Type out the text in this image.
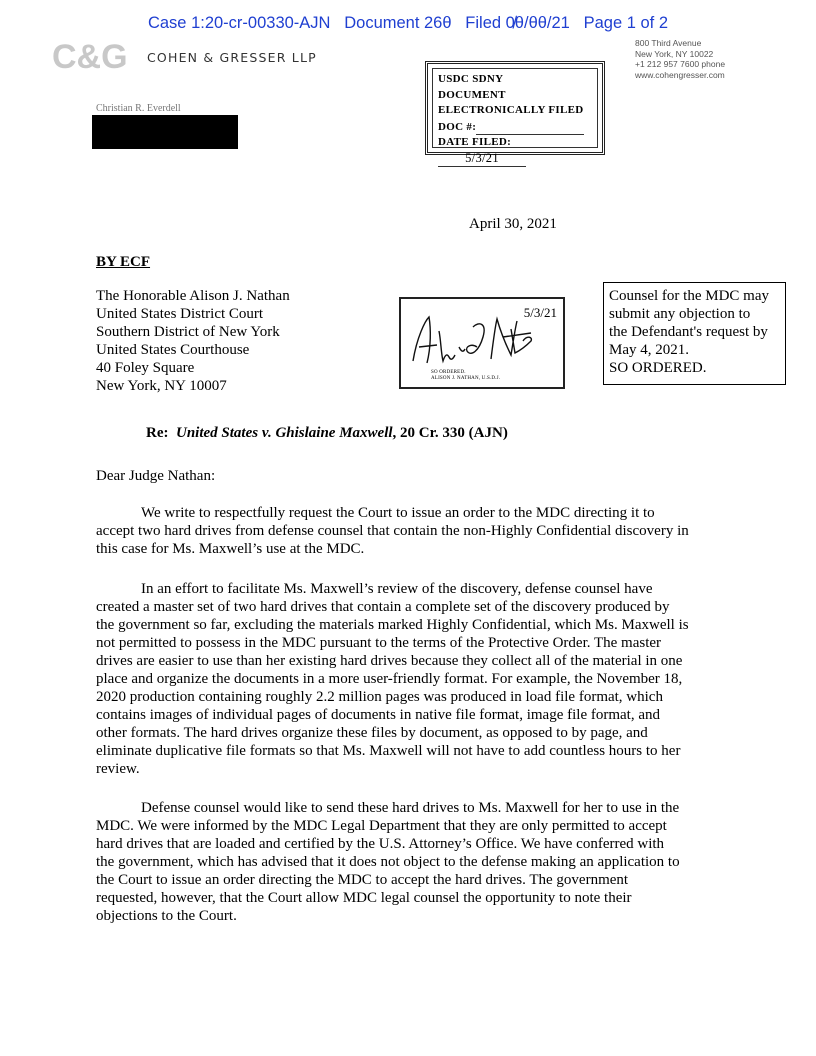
Case 1:20-cr-00330-AJN   Document 26θ   Filed 0̸θ/θθ/21   Page 1 of 2
C&G COHEN & GRESSER LLP
800 Third Avenue
New York, NY 10022
+1 212 957 7600 phone
www.cohengresser.com
USDC SDNY
DOCUMENT
ELECTRONICALLY FILED
DOC #:
DATE FILED: 5/3/21
Christian R. Everdell
April 30, 2021
BY ECF
The Honorable Alison J. Nathan
United States District Court
Southern District of New York
United States Courthouse
40 Foley Square
New York, NY 10007
5/3/21
SO ORDERED.
ALISON J. NATHAN, U.S.D.J.
Counsel for the MDC may
submit any objection to
the Defendant's request by
May 4, 2021.
SO ORDERED.
Re: United States v. Ghislaine Maxwell, 20 Cr. 330 (AJN)
Dear Judge Nathan:
We write to respectfully request the Court to issue an order to the MDC directing it to
accept two hard drives from defense counsel that contain the non-Highly Confidential discovery in
this case for Ms. Maxwell’s use at the MDC.
In an effort to facilitate Ms. Maxwell’s review of the discovery, defense counsel have
created a master set of two hard drives that contain a complete set of the discovery produced by
the government so far, excluding the materials marked Highly Confidential, which Ms. Maxwell is
not permitted to possess in the MDC pursuant to the terms of the Protective Order. The master
drives are easier to use than her existing hard drives because they collect all of the material in one
place and organize the documents in a more user-friendly format. For example, the November 18,
2020 production containing roughly 2.2 million pages was produced in load file format, which
contains images of individual pages of documents in native file format, image file format, and
other formats. The hard drives organize these files by document, as opposed to by page, and
eliminate duplicative file formats so that Ms. Maxwell will not have to add countless hours to her
review.
Defense counsel would like to send these hard drives to Ms. Maxwell for her to use in the
MDC. We were informed by the MDC Legal Department that they are only permitted to accept
hard drives that are loaded and certified by the U.S. Attorney’s Office. We have conferred with
the government, which has advised that it does not object to the defense making an application to
the Court to issue an order directing the MDC to accept the hard drives. The government
requested, however, that the Court allow MDC legal counsel the opportunity to note their
objections to the Court.
